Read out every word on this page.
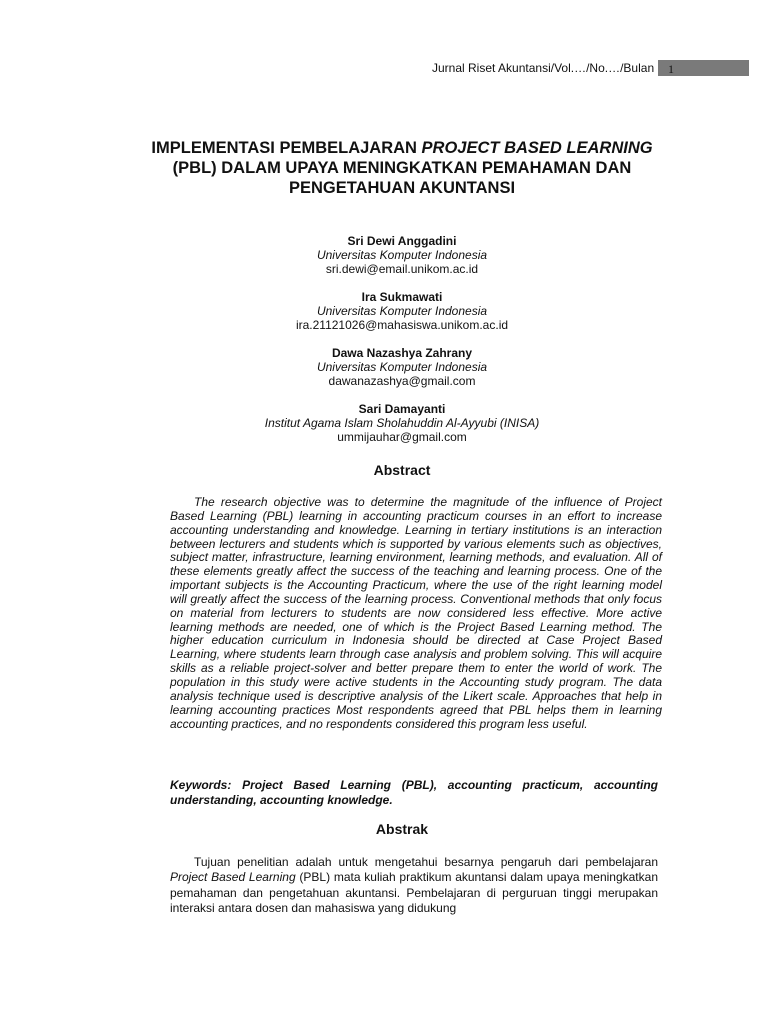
Jurnal Riset Akuntansi/Vol.…/No.…/Bulan	1
IMPLEMENTASI PEMBELAJARAN PROJECT BASED LEARNING (PBL) DALAM UPAYA MENINGKATKAN PEMAHAMAN DAN PENGETAHUAN AKUNTANSI
Sri Dewi Anggadini
Universitas Komputer Indonesia
sri.dewi@email.unikom.ac.id
Ira Sukmawati
Universitas Komputer Indonesia
ira.21121026@mahasiswa.unikom.ac.id
Dawa Nazashya Zahrany
Universitas Komputer Indonesia
dawanazashya@gmail.com
Sari Damayanti
Institut Agama Islam Sholahuddin Al-Ayyubi (INISA)
ummijauhar@gmail.com
Abstract

The research objective was to determine the magnitude of the influence of Project Based Learning (PBL) learning in accounting practicum courses in an effort to increase accounting understanding and knowledge. Learning in tertiary institutions is an interaction between lecturers and students which is supported by various elements such as objectives, subject matter, infrastructure, learning environment, learning methods, and evaluation. All of these elements greatly affect the success of the teaching and learning process. One of the important subjects is the Accounting Practicum, where the use of the right learning model will greatly affect the success of the learning process. Conventional methods that only focus on material from lecturers to students are now considered less effective. More active learning methods are needed, one of which is the Project Based Learning method. The higher education curriculum in Indonesia should be directed at Case Project Based Learning, where students learn through case analysis and problem solving. This will acquire skills as a reliable project-solver and better prepare them to enter the world of work. The population in this study were active students in the Accounting study program. The data analysis technique used is descriptive analysis of the Likert scale. Approaches that help in learning accounting practices Most respondents agreed that PBL helps them in learning accounting practices, and no respondents considered this program less useful.

Keywords: Project Based Learning (PBL), accounting practicum, accounting understanding, accounting knowledge.

Abstrak

Tujuan penelitian adalah untuk mengetahui besarnya pengaruh dari pembelajaran Project Based Learning (PBL) mata kuliah praktikum akuntansi dalam upaya meningkatkan pemahaman dan pengetahuan akuntansi. Pembelajaran di perguruan tinggi merupakan interaksi antara dosen dan mahasiswa yang didukung
